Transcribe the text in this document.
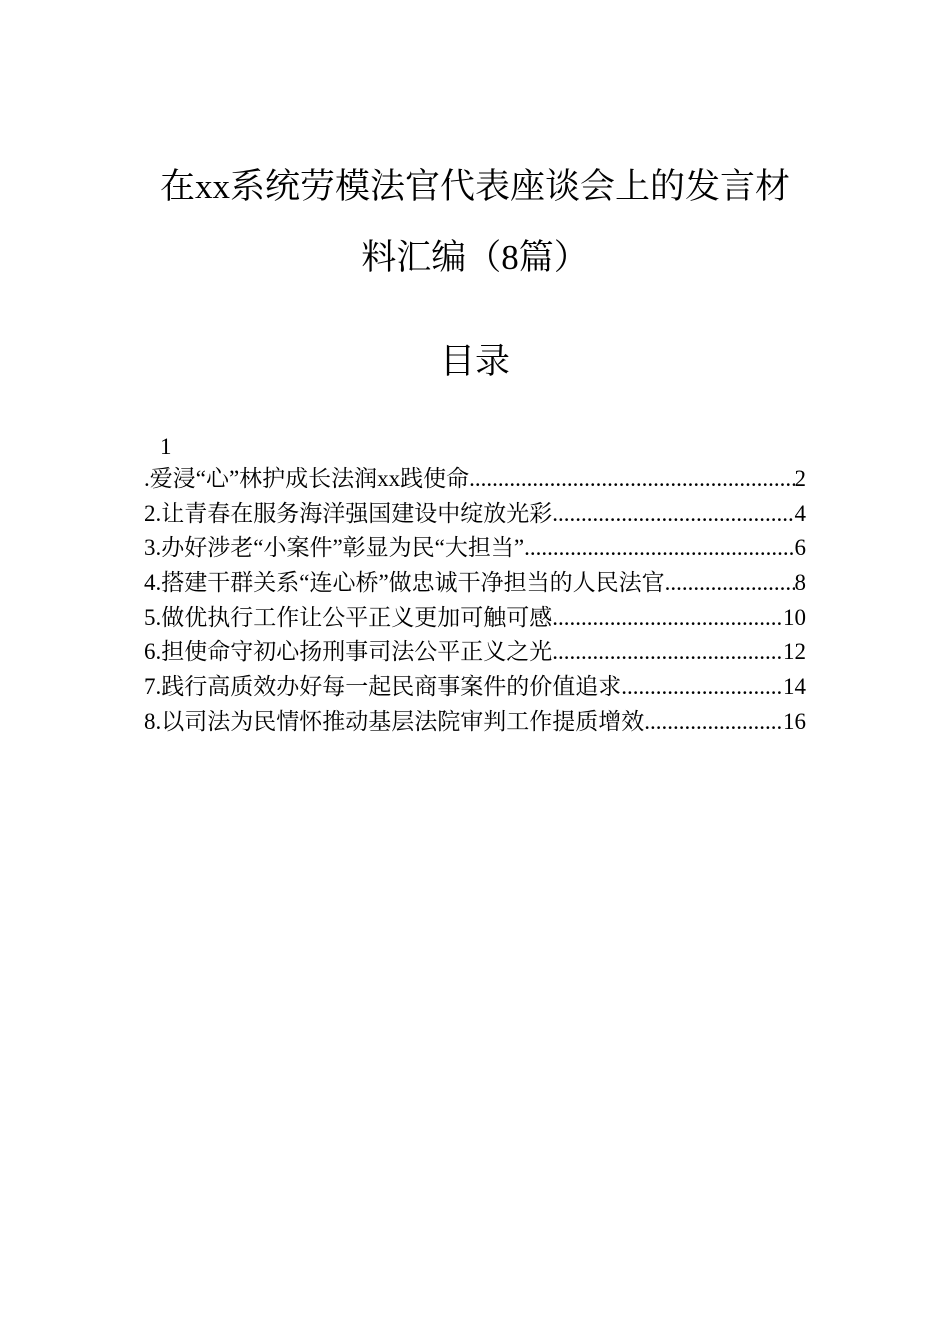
在xx系统劳模法官代表座谈会上的发言材
料汇编（8篇）
目录
1
.爱浸“心”林护成长法润xx践使命 .....	2
2.让青春在服务海洋强国建设中绽放光彩 .....	4
3.办好涉老“小案件”彰显为民“大担当” .....	6
4.搭建干群关系“连心桥”做忠诚干净担当的人民法官 .....	8
5.做优执行工作让公平正义更加可触可感 .....	10
6.担使命守初心扬刑事司法公平正义之光 .....	12
7.践行高质效办好每一起民商事案件的价值追求 .....	14
8.以司法为民情怀推动基层法院审判工作提质增效 .....	16
